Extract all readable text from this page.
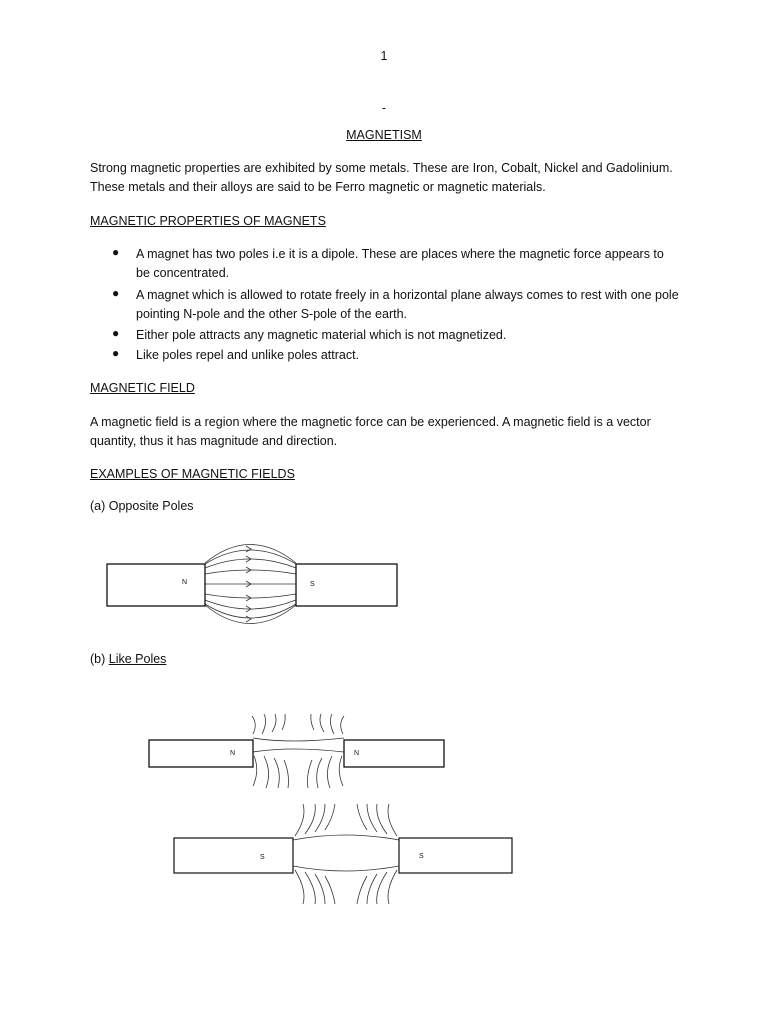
1
-
MAGNETISM
Strong magnetic properties are exhibited by some metals. These are Iron, Cobalt, Nickel and Gadolinium. These metals and their alloys are said to be Ferro magnetic or magnetic materials.
MAGNETIC PROPERTIES OF MAGNETS
● A magnet has two poles i.e it is a dipole. These are places where the magnetic force appears to be concentrated.
● A magnet which is allowed to rotate freely in a horizontal plane always comes to rest with one pole pointing N-pole and the other S-pole of the earth.
● Either pole attracts any magnetic material which is not magnetized.
● Like poles repel and unlike poles attract.
MAGNETIC FIELD
A magnetic field is a region where the magnetic force can be experienced. A magnetic field is a vector quantity, thus it has magnitude and direction.
EXAMPLES OF MAGNETIC FIELDS
(a) Opposite Poles
N	S
(b) Like Poles
N	N
S	S
